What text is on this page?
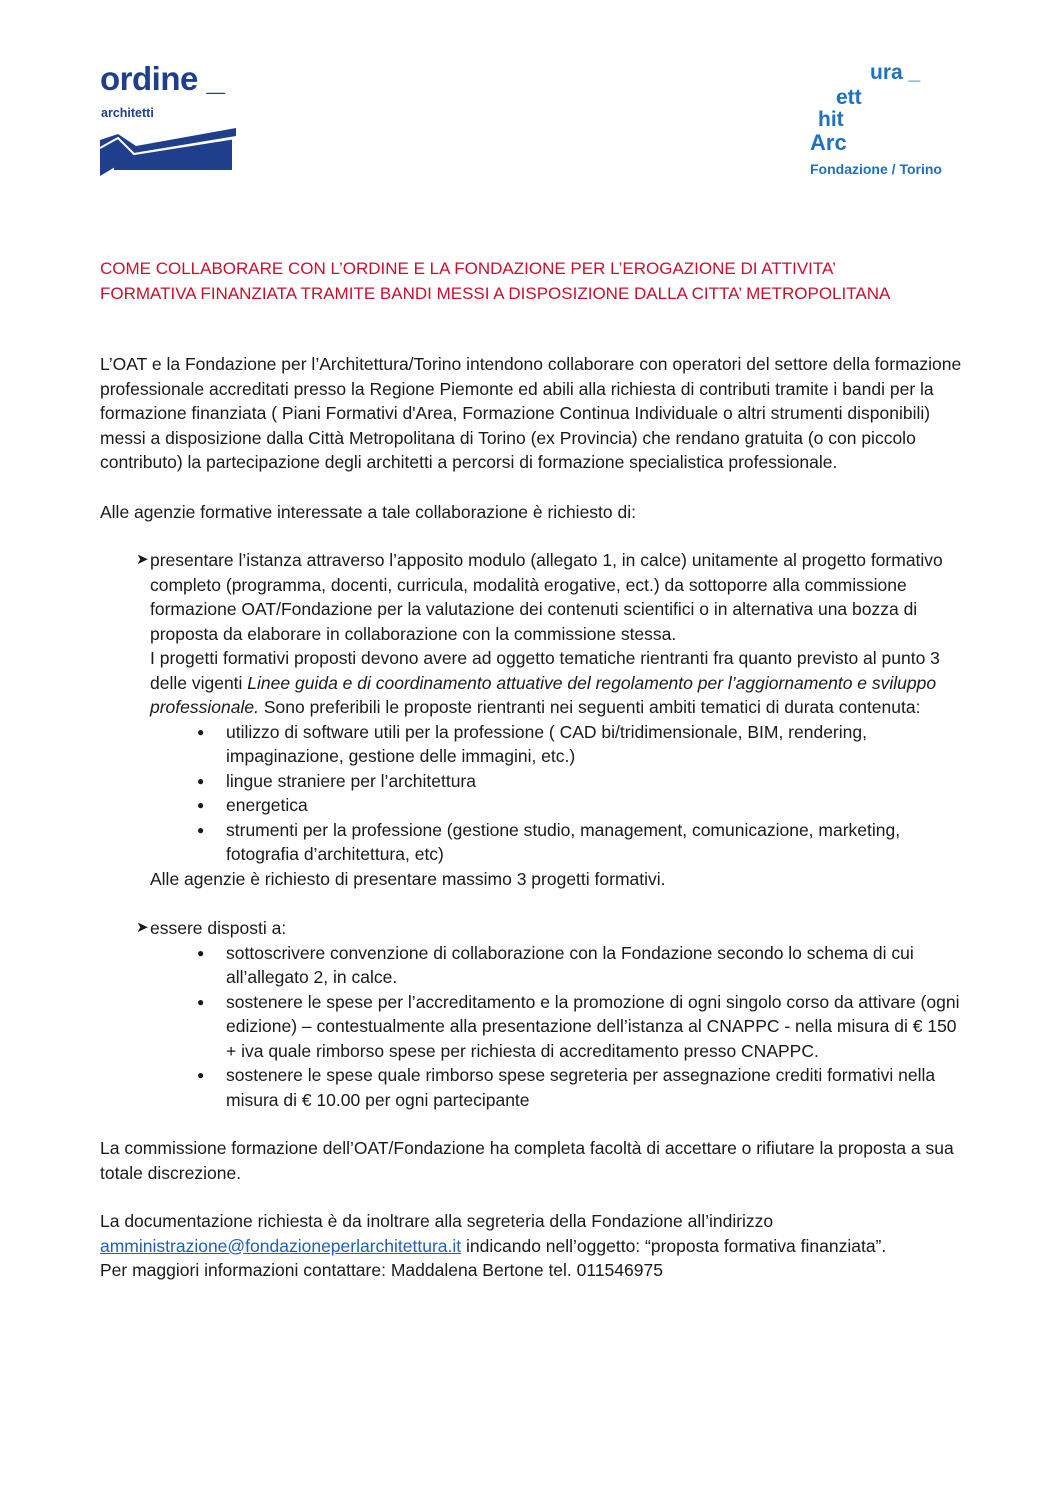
ordine _
architetti
ura _
ett
hit
Arc
Fondazione / Torino
COME COLLABORARE CON L’ORDINE E LA FONDAZIONE PER L’EROGAZIONE DI ATTIVITA’
FORMATIVA FINANZIATA TRAMITE BANDI MESSI A DISPOSIZIONE DALLA CITTA’ METROPOLITANA

L’OAT e la Fondazione per l’Architettura/Torino intendono collaborare con operatori del settore della formazione professionale accreditati presso la Regione Piemonte ed abili alla richiesta di contributi tramite i bandi per la formazione finanziata ( Piani Formativi d'Area, Formazione Continua Individuale o altri strumenti disponibili) messi a disposizione dalla Città Metropolitana di Torino (ex Provincia) che rendano gratuita (o con piccolo contributo) la partecipazione degli architetti a percorsi di formazione specialistica professionale.

Alle agenzie formative interessate a tale collaborazione è richiesto di:

➤ presentare l’istanza attraverso l’apposito modulo (allegato 1, in calce) unitamente al progetto formativo completo (programma, docenti, curricula, modalità erogative, ect.) da sottoporre alla commissione formazione OAT/Fondazione per la valutazione dei contenuti scientifici o in alternativa una bozza di proposta da elaborare in collaborazione con la commissione stessa.

I progetti formativi proposti devono avere ad oggetto tematiche rientranti fra quanto previsto al punto 3 delle vigenti Linee guida e di coordinamento attuative del regolamento per l’aggiornamento e sviluppo professionale. Sono preferibili le proposte rientranti nei seguenti ambiti tematici di durata contenuta:

● utilizzo di software utili per la professione ( CAD bi/tridimensionale, BIM, rendering, impaginazione, gestione delle immagini, etc.)
● lingue straniere per l’architettura
● energetica
● strumenti per la professione (gestione studio, management, comunicazione, marketing, fotografia d’architettura, etc)

Alle agenzie è richiesto di presentare massimo 3 progetti formativi.

➤ essere disposti a:

● sottoscrivere convenzione di collaborazione con la Fondazione secondo lo schema di cui all’allegato 2, in calce.
● sostenere le spese per l’accreditamento e la promozione di ogni singolo corso da attivare (ogni edizione) – contestualmente alla presentazione dell’istanza al CNAPPC - nella misura di € 150 + iva quale rimborso spese per richiesta di accreditamento presso CNAPPC.
● sostenere le spese quale rimborso spese segreteria per assegnazione crediti formativi nella misura di € 10.00 per ogni partecipante

La commissione formazione dell’OAT/Fondazione ha completa facoltà di accettare o rifiutare la proposta a sua totale discrezione.

La documentazione richiesta è da inoltrare alla segreteria della Fondazione all’indirizzo
amministrazione@fondazioneperlarchitettura.it indicando nell’oggetto: “proposta formativa finanziata”.

Per maggiori informazioni contattare: Maddalena Bertone tel. 011546975
